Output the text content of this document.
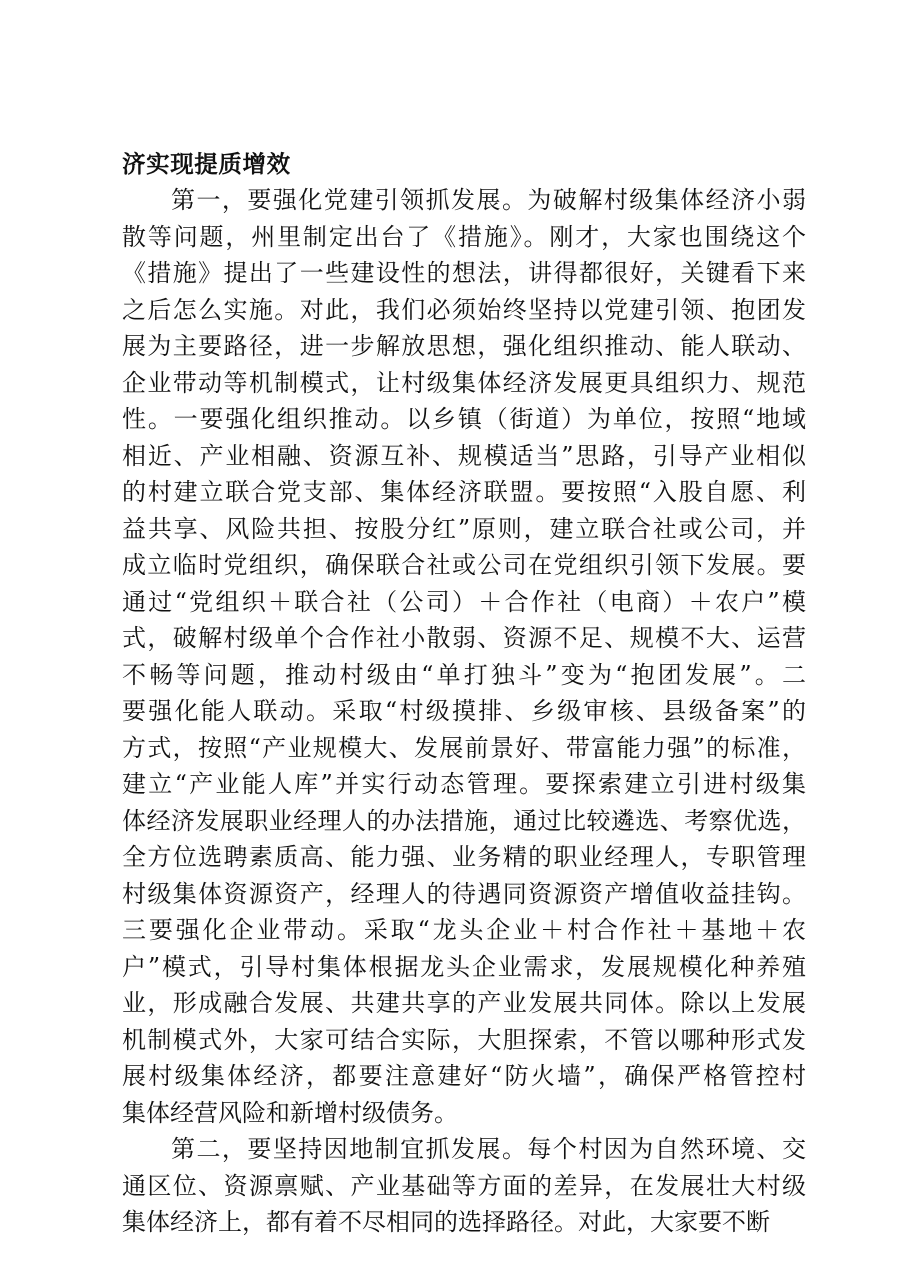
济实现提质增效
第一，要强化党建引领抓发展。为破解村级集体经济小弱
散等问题，州里制定出台了《措施》。刚才，大家也围绕这个
《措施》提出了一些建设性的想法，讲得都很好，关键看下来
之后怎么实施。对此，我们必须始终坚持以党建引领、抱团发
展为主要路径，进一步解放思想，强化组织推动、能人联动、
企业带动等机制模式，让村级集体经济发展更具组织力、规范
性。一要强化组织推动。以乡镇（街道）为单位，按照“地域
相近、产业相融、资源互补、规模适当”思路，引导产业相似
的村建立联合党支部、集体经济联盟。要按照“入股自愿、利
益共享、风险共担、按股分红”原则，建立联合社或公司，并
成立临时党组织，确保联合社或公司在党组织引领下发展。要
通过“党组织＋联合社（公司）＋合作社（电商）＋农户”模
式，破解村级单个合作社小散弱、资源不足、规模不大、运营
不畅等问题，推动村级由“单打独斗”变为“抱团发展”。二
要强化能人联动。采取“村级摸排、乡级审核、县级备案”的
方式，按照“产业规模大、发展前景好、带富能力强”的标准，
建立“产业能人库”并实行动态管理。要探索建立引进村级集
体经济发展职业经理人的办法措施，通过比较遴选、考察优选，
全方位选聘素质高、能力强、业务精的职业经理人，专职管理
村级集体资源资产，经理人的待遇同资源资产增值收益挂钩。
三要强化企业带动。采取“龙头企业＋村合作社＋基地＋农
户”模式，引导村集体根据龙头企业需求，发展规模化种养殖
业，形成融合发展、共建共享的产业发展共同体。除以上发展
机制模式外，大家可结合实际，大胆探索，不管以哪种形式发
展村级集体经济，都要注意建好“防火墙”，确保严格管控村
集体经营风险和新增村级债务。
第二，要坚持因地制宜抓发展。每个村因为自然环境、交
通区位、资源禀赋、产业基础等方面的差异，在发展壮大村级
集体经济上，都有着不尽相同的选择路径。对此，大家要不断
